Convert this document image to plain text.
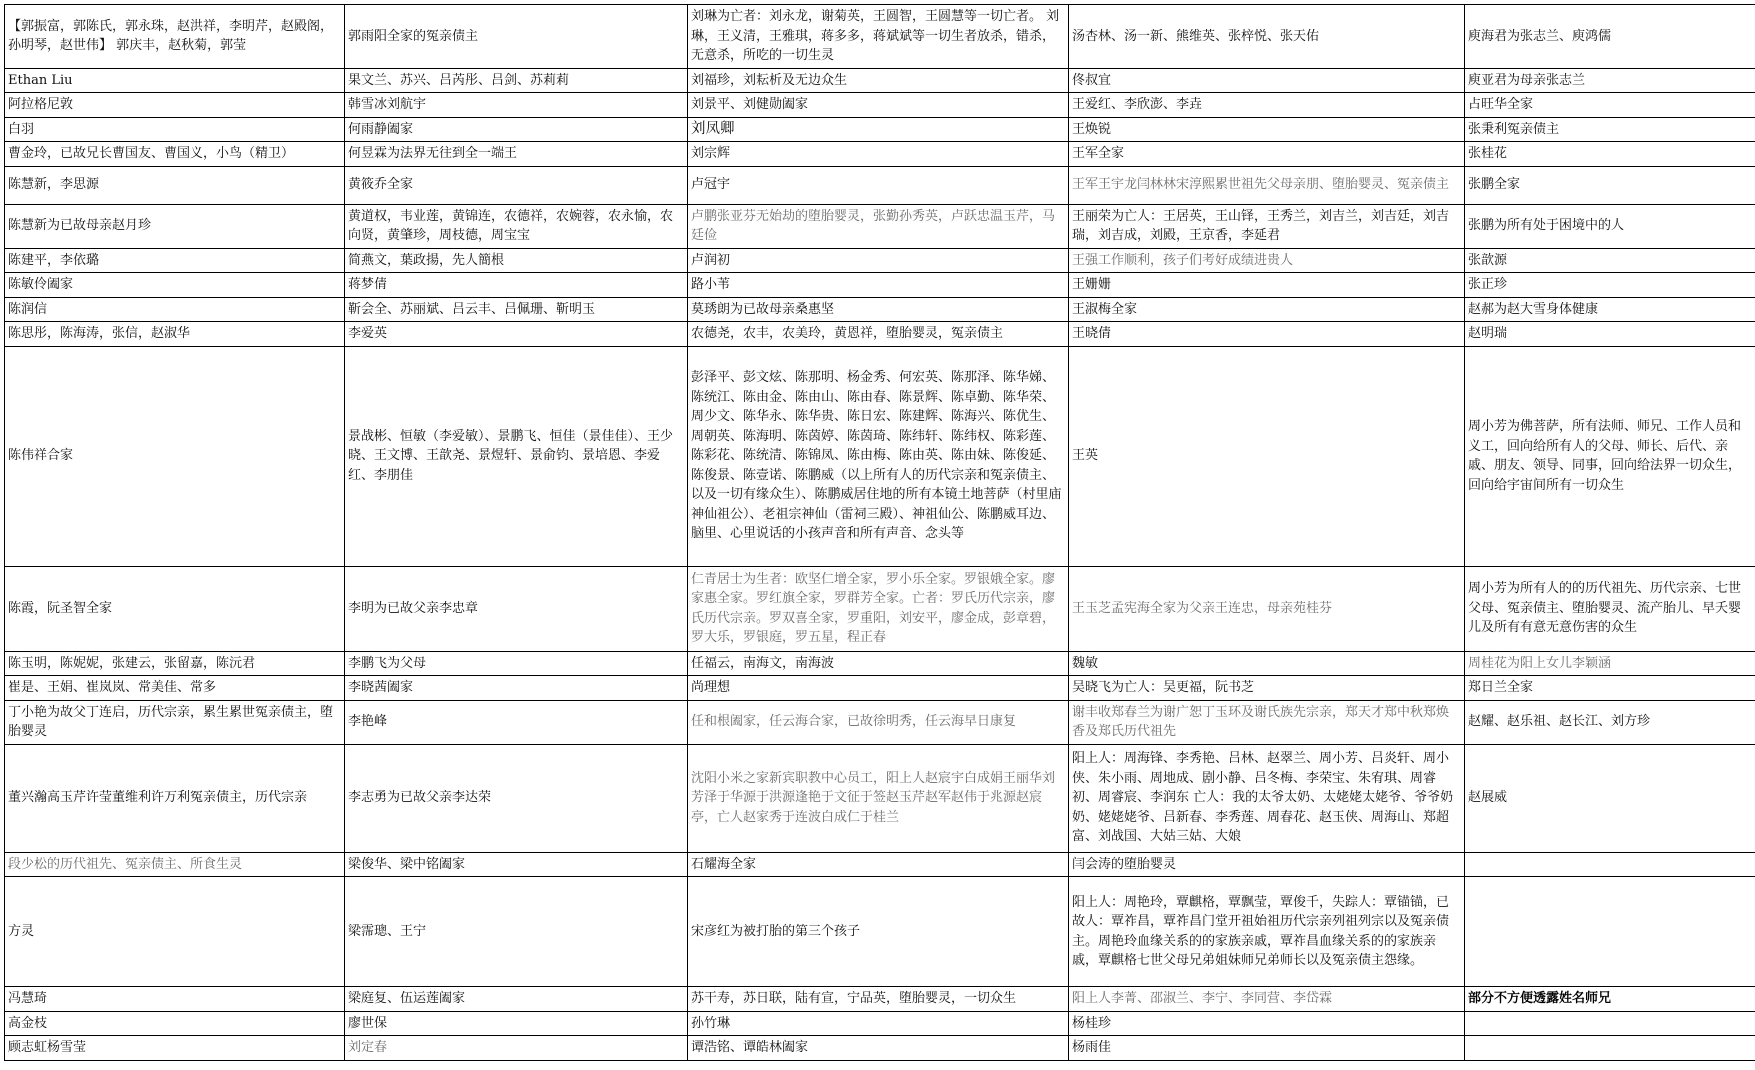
【郭振富，郭陈氏，郭永珠，赵洪祥，李明芹，赵殿阁，孙明琴，赵世伟】 郭庆丰，赵秋菊，郭莹	郭雨阳全家的冤亲债主	刘琳为亡者：刘永龙，谢菊英，王圆智，王圆慧等一切亡者。 刘琳，王义清，王雅琪，蒋多多，蒋斌斌等一切生者放杀，错杀，无意杀，所吃的一切生灵	汤杏林、汤一新、熊维英、张梓悦、张天佑	庾海君为张志兰、庾鸿儒
Ethan Liu	果文兰、苏兴、吕芮彤、吕剑、苏莉莉	刘福珍，刘耘析及无边众生	佟叔宜	庾亚君为母亲张志兰
阿拉格尼敦	韩雪冰刘航宇	刘景平、刘健勋阖家	王爱红、李欣澎、李垚	占旺华全家
白羽	何雨静阖家	刘凤卿	王焕锐	张秉利冤亲债主
曹金玲，已故兄长曹国友、曹国义，小鸟（精卫）	何昱霖为法界无往到全一端王	刘宗辉	王军全家	张桂花
陈慧新，李思源	黄筱乔全家	卢冠宇	王军王宇龙闫林林宋淳熙累世祖先父母亲朋、堕胎婴灵、冤亲债主	张鹏全家
陈慧新为已故母亲赵月珍	黄道权，韦业莲，黄锦连，农德祥，农婉蓉，农永愉，农向贤，黄肇珍，周枝德，周宝宝	卢鹏张亚芬无始劫的堕胎婴灵，张勤孙秀英，卢跃忠温玉芹，马廷俭	王丽荣为亡人：王居英，王山铎，王秀兰，刘吉兰，刘吉廷，刘吉瑞，刘吉成，刘殿，王京香，李延君	张鹏为所有处于困境中的人
陈建平，李依璐	简燕文，葉政揚，先人簡根	卢润初	王强工作顺利，孩子们考好成绩进贵人	张歆源
陈敏伶阖家	蒋梦倩	路小苇	王姗姗	张正珍
陈润信	靳会全、苏丽斌、吕云丰、吕佩珊、靳明玉	莫琇朗为已故母亲桑惠坚	王淑梅全家	赵郝为赵大雪身体健康
陈思彤，陈海涛，张信，赵淑华	李爱英	农德尧，农丰，农美玲，黄恩祥，堕胎婴灵，冤亲债主	王晓倩	赵明瑞
陈伟祥合家	景战彬、恒敏（李爱敏）、景鹏飞、恒佳（景佳佳）、王少晓、王文博、王歆尧、景煜轩、景俞钧、景培恩、李爱红、李朋佳	彭泽平、彭文炫、陈那明、杨金秀、何宏英、陈那泽、陈华娣、陈统江、陈由金、陈由山、陈由春、陈景辉、陈卓勤、陈华荣、周少文、陈华永、陈华贵、陈日宏、陈建辉、陈海兴、陈优生、周朝英、陈海明、陈茵婷、陈茵琦、陈纬轩、陈纬权、陈彩莲、陈彩花、陈统清、陈锦凤、陈由梅、陈由英、陈由妹、陈俊延、陈俊景、陈壹诺、陈鹏威（以上所有人的历代宗亲和冤亲债主、以及一切有缘众生）、陈鹏威居住地的所有本镜土地菩萨（村里庙神仙祖公）、老祖宗神仙（雷祠三殿）、神祖仙公、陈鹏威耳边、脑里、心里说话的小孩声音和所有声音、念头等	王英	周小芳为佛菩萨，所有法师、师兄、工作人员和义工，回向给所有人的父母、师长、后代、亲戚、朋友、领导、同事，回向给法界一切众生，回向给宇宙间所有一切众生
陈霞，阮圣智全家	李明为已故父亲李忠章	仁青居士为生者：欧坚仁增全家，罗小乐全家。罗银娥全家。廖家惠全家。罗红旗全家，罗群芳全家。亡者：罗氏历代宗亲，廖氏历代宗亲。罗双喜全家，罗重阳，刘安平，廖金成，彭章碧，罗大乐，罗银庭，罗五星，程正春	王玉芝孟宪海全家为父亲王连忠，母亲苑桂芬	周小芳为所有人的的历代祖先、历代宗亲、七世父母、冤亲债主、堕胎婴灵、流产胎儿、早夭婴儿及所有有意无意伤害的众生
陈玉明，陈妮妮，张建云，张留嘉，陈沅君	李鹏飞为父母	任福云，南海文，南海波	魏敏	周桂花为阳上女儿李颖涵
崔是、王娟、崔岚岚、常美佳、常多	李晓茜阖家	尚理想	吴晓飞为亡人：吴更福，阮书芝	郑日兰全家
丁小艳为故父丁连启，历代宗亲，累生累世冤亲债主，堕胎婴灵	李艳峰	任和根阖家，任云海合家，已故徐明秀，任云海早日康复	谢丰收郑春兰为谢广恕丁玉环及谢氏族先宗亲，郑天才郑中秋郑焕香及郑氏历代祖先	赵耀、赵乐祖、赵长江、刘方珍
董兴瀚高玉芹许莹董维利许万利冤亲债主，历代宗亲	李志勇为已故父亲李达荣	沈阳小米之家新宾职教中心员工，阳上人赵宸宇白成娟王丽华刘芳泽于华源于洪源逢艳于文征于签赵玉芹赵军赵伟于兆源赵宸亭，亡人赵家秀于连波白成仁于桂兰	阳上人：周海锋、李秀艳、吕林、赵翠兰、周小芳、吕炎轩、周小侠、朱小雨、周地成、剧小静、吕冬梅、李荣宝、朱宥琪、周睿初、周睿宸、李润东 亡人：我的太爷太奶、太姥姥太姥爷、爷爷奶奶、姥姥姥爷、吕新春、李秀莲、周春花、赵玉侠、周海山、郑超富、刘战国、大姑三姑、大娘	赵展威
段少松的历代祖先、冤亲债主、所食生灵	梁俊华、梁中铭阖家	石耀海全家	闫会涛的堕胎婴灵	
方灵	梁霈璁、王宁	宋彦红为被打胎的第三个孩子	阳上人：周艳玲，覃麒格，覃飘莹，覃俊千，失踪人：覃锚锚，已故人：覃祚昌，覃祚昌门堂开祖始祖历代宗亲列祖列宗以及冤亲债主。周艳玲血缘关系的的家族亲戚，覃祚昌血缘关系的的家族亲戚，覃麒格七世父母兄弟姐妹师兄弟师长以及冤亲债主怨缘。	
冯慧琦	梁庭复、伍运莲阖家	苏干寿，苏日联，陆有宣，宁品英，堕胎婴灵，一切众生	阳上人李菁、邵淑兰、李宁、李同营、李岱霖	部分不方便透露姓名师兄
高金枝	廖世保	孙竹琳	杨桂珍	
顾志虹杨雪莹	刘定春	谭浩铭、谭皓林阖家	杨雨佳	
